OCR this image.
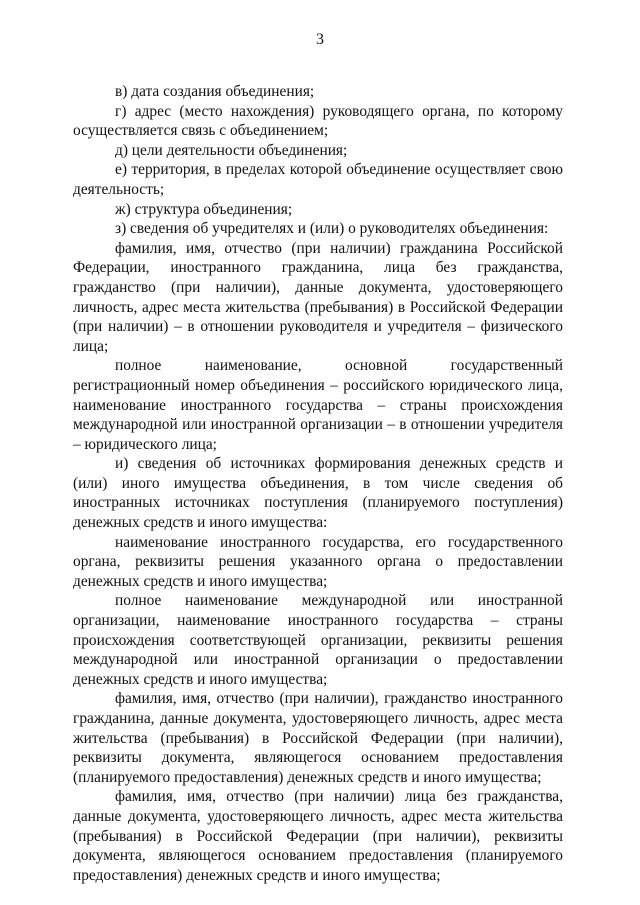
3

в) дата создания объединения;

г) адрес (место нахождения) руководящего органа, по которому осуществляется связь с объединением;

д) цели деятельности объединения;

е) территория, в пределах которой объединение осуществляет свою деятельность;

ж) структура объединения;

з) сведения об учредителях и (или) о руководителях объединения:

фамилия, имя, отчество (при наличии) гражданина Российской Федерации, иностранного гражданина, лица без гражданства, гражданство (при наличии), данные документа, удостоверяющего личность, адрес места жительства (пребывания) в Российской Федерации (при наличии) – в отношении руководителя и учредителя – физического лица;

полное наименование, основной государственный регистрационный номер объединения – российского юридического лица, наименование иностранного государства – страны происхождения международной или иностранной организации – в отношении учредителя – юридического лица;

и) сведения об источниках формирования денежных средств и (или) иного имущества объединения, в том числе сведения об иностранных источниках поступления (планируемого поступления) денежных средств и иного имущества:

наименование иностранного государства, его государственного органа, реквизиты решения указанного органа о предоставлении денежных средств и иного имущества;

полное наименование международной или иностранной организации, наименование иностранного государства – страны происхождения соответствующей организации, реквизиты решения международной или иностранной организации о предоставлении денежных средств и иного имущества;

фамилия, имя, отчество (при наличии), гражданство иностранного гражданина, данные документа, удостоверяющего личность, адрес места жительства (пребывания) в Российской Федерации (при наличии), реквизиты документа, являющегося основанием предоставления (планируемого предоставления) денежных средств и иного имущества;

фамилия, имя, отчество (при наличии) лица без гражданства, данные документа, удостоверяющего личность, адрес места жительства (пребывания) в Российской Федерации (при наличии), реквизиты документа, являющегося основанием предоставления (планируемого предоставления) денежных средств и иного имущества;
